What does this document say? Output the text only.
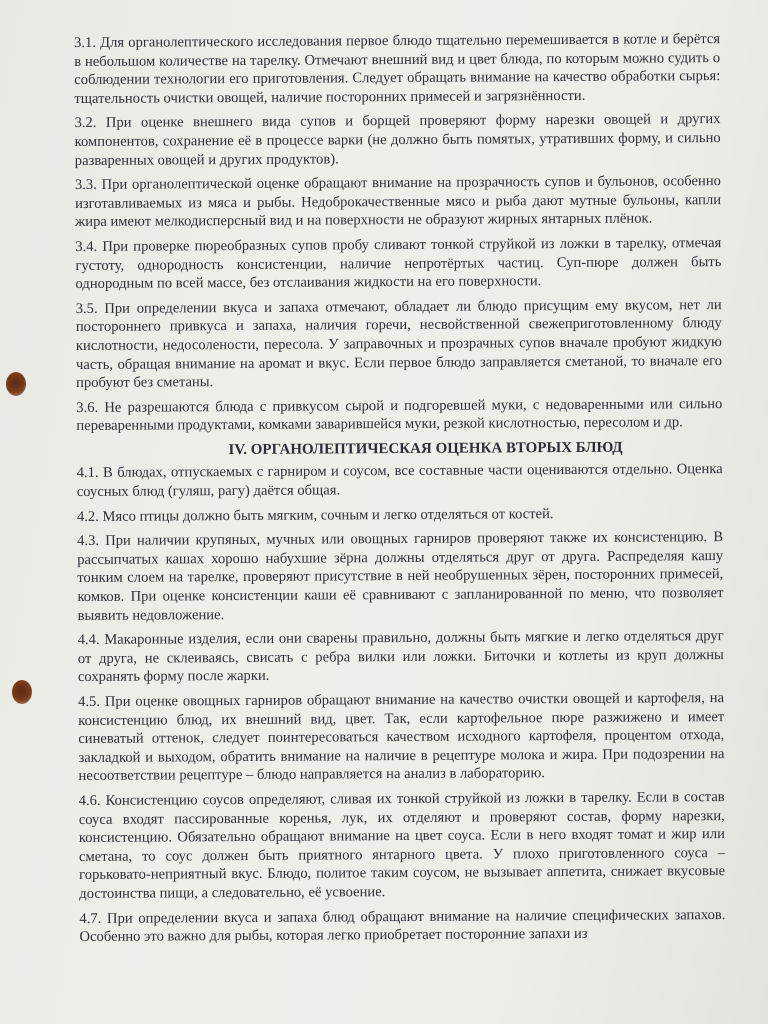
3.1. Для органолептического исследования первое блюдо тщательно перемешивается в котле и берётся в небольшом количестве на тарелку. Отмечают внешний вид и цвет блюда, по которым можно судить о соблюдении технологии его приготовления. Следует обращать внимание на качество обработки сырья: тщательность очистки овощей, наличие посторонних примесей и загрязнённости.

3.2. При оценке внешнего вида супов и борщей проверяют форму нарезки овощей и других компонентов, сохранение её в процессе варки (не должно быть помятых, утративших форму, и сильно разваренных овощей и других продуктов).

3.3. При органолептической оценке обращают внимание на прозрачность супов и бульонов, особенно изготавливаемых из мяса и рыбы. Недоброкачественные мясо и рыба дают мутные бульоны, капли жира имеют мелкодисперсный вид и на поверхности не образуют жирных янтарных плёнок.

3.4. При проверке пюреобразных супов пробу сливают тонкой струйкой из ложки в тарелку, отмечая густоту, однородность консистенции, наличие непротёртых частиц. Суп-пюре должен быть однородным по всей массе, без отслаивания жидкости на его поверхности.

3.5. При определении вкуса и запаха отмечают, обладает ли блюдо присущим ему вкусом, нет ли постороннего привкуса и запаха, наличия горечи, несвойственной свежеприготовленному блюду кислотности, недосолености, пересола. У заправочных и прозрачных супов вначале пробуют жидкую часть, обращая внимание на аромат и вкус. Если первое блюдо заправляется сметаной, то вначале его пробуют без сметаны.

3.6. Не разрешаются блюда с привкусом сырой и подгоревшей муки, с недоваренными или сильно переваренными продуктами, комками заварившейся муки, резкой кислотностью, пересолом и др.

IV. ОРГАНОЛЕПТИЧЕСКАЯ ОЦЕНКА ВТОРЫХ БЛЮД

4.1. В блюдах, отпускаемых с гарниром и соусом, все составные части оцениваются отдельно. Оценка соусных блюд (гуляш, рагу) даётся общая.

4.2. Мясо птицы должно быть мягким, сочным и легко отделяться от костей.

4.3. При наличии крупяных, мучных или овощных гарниров проверяют также их консистенцию. В рассыпчатых кашах хорошо набухшие зёрна должны отделяться друг от друга. Распределяя кашу тонким слоем на тарелке, проверяют присутствие в ней необрушенных зёрен, посторонних примесей, комков. При оценке консистенции каши её сравнивают с запланированной по меню, что позволяет выявить недовложение.

4.4. Макаронные изделия, если они сварены правильно, должны быть мягкие и легко отделяться друг от друга, не склеиваясь, свисать с ребра вилки или ложки. Биточки и котлеты из круп должны сохранять форму после жарки.

4.5. При оценке овощных гарниров обращают внимание на качество очистки овощей и картофеля, на консистенцию блюд, их внешний вид, цвет. Так, если картофельное пюре разжижено и имеет синеватый оттенок, следует поинтересоваться качеством исходного картофеля, процентом отхода, закладкой и выходом, обратить внимание на наличие в рецептуре молока и жира. При подозрении на несоответствии рецептуре – блюдо направляется на анализ в лабораторию.

4.6. Консистенцию соусов определяют, сливая их тонкой струйкой из ложки в тарелку. Если в состав соуса входят пассированные коренья, лук, их отделяют и проверяют состав, форму нарезки, консистенцию. Обязательно обращают внимание на цвет соуса. Если в него входят томат и жир или сметана, то соус должен быть приятного янтарного цвета. У плохо приготовленного соуса – горьковато-неприятный вкус. Блюдо, политое таким соусом, не вызывает аппетита, снижает вкусовые достоинства пищи, а следовательно, её усвоение.

4.7. При определении вкуса и запаха блюд обращают внимание на наличие специфических запахов. Особенно это важно для рыбы, которая легко приобретает посторонние запахи из
